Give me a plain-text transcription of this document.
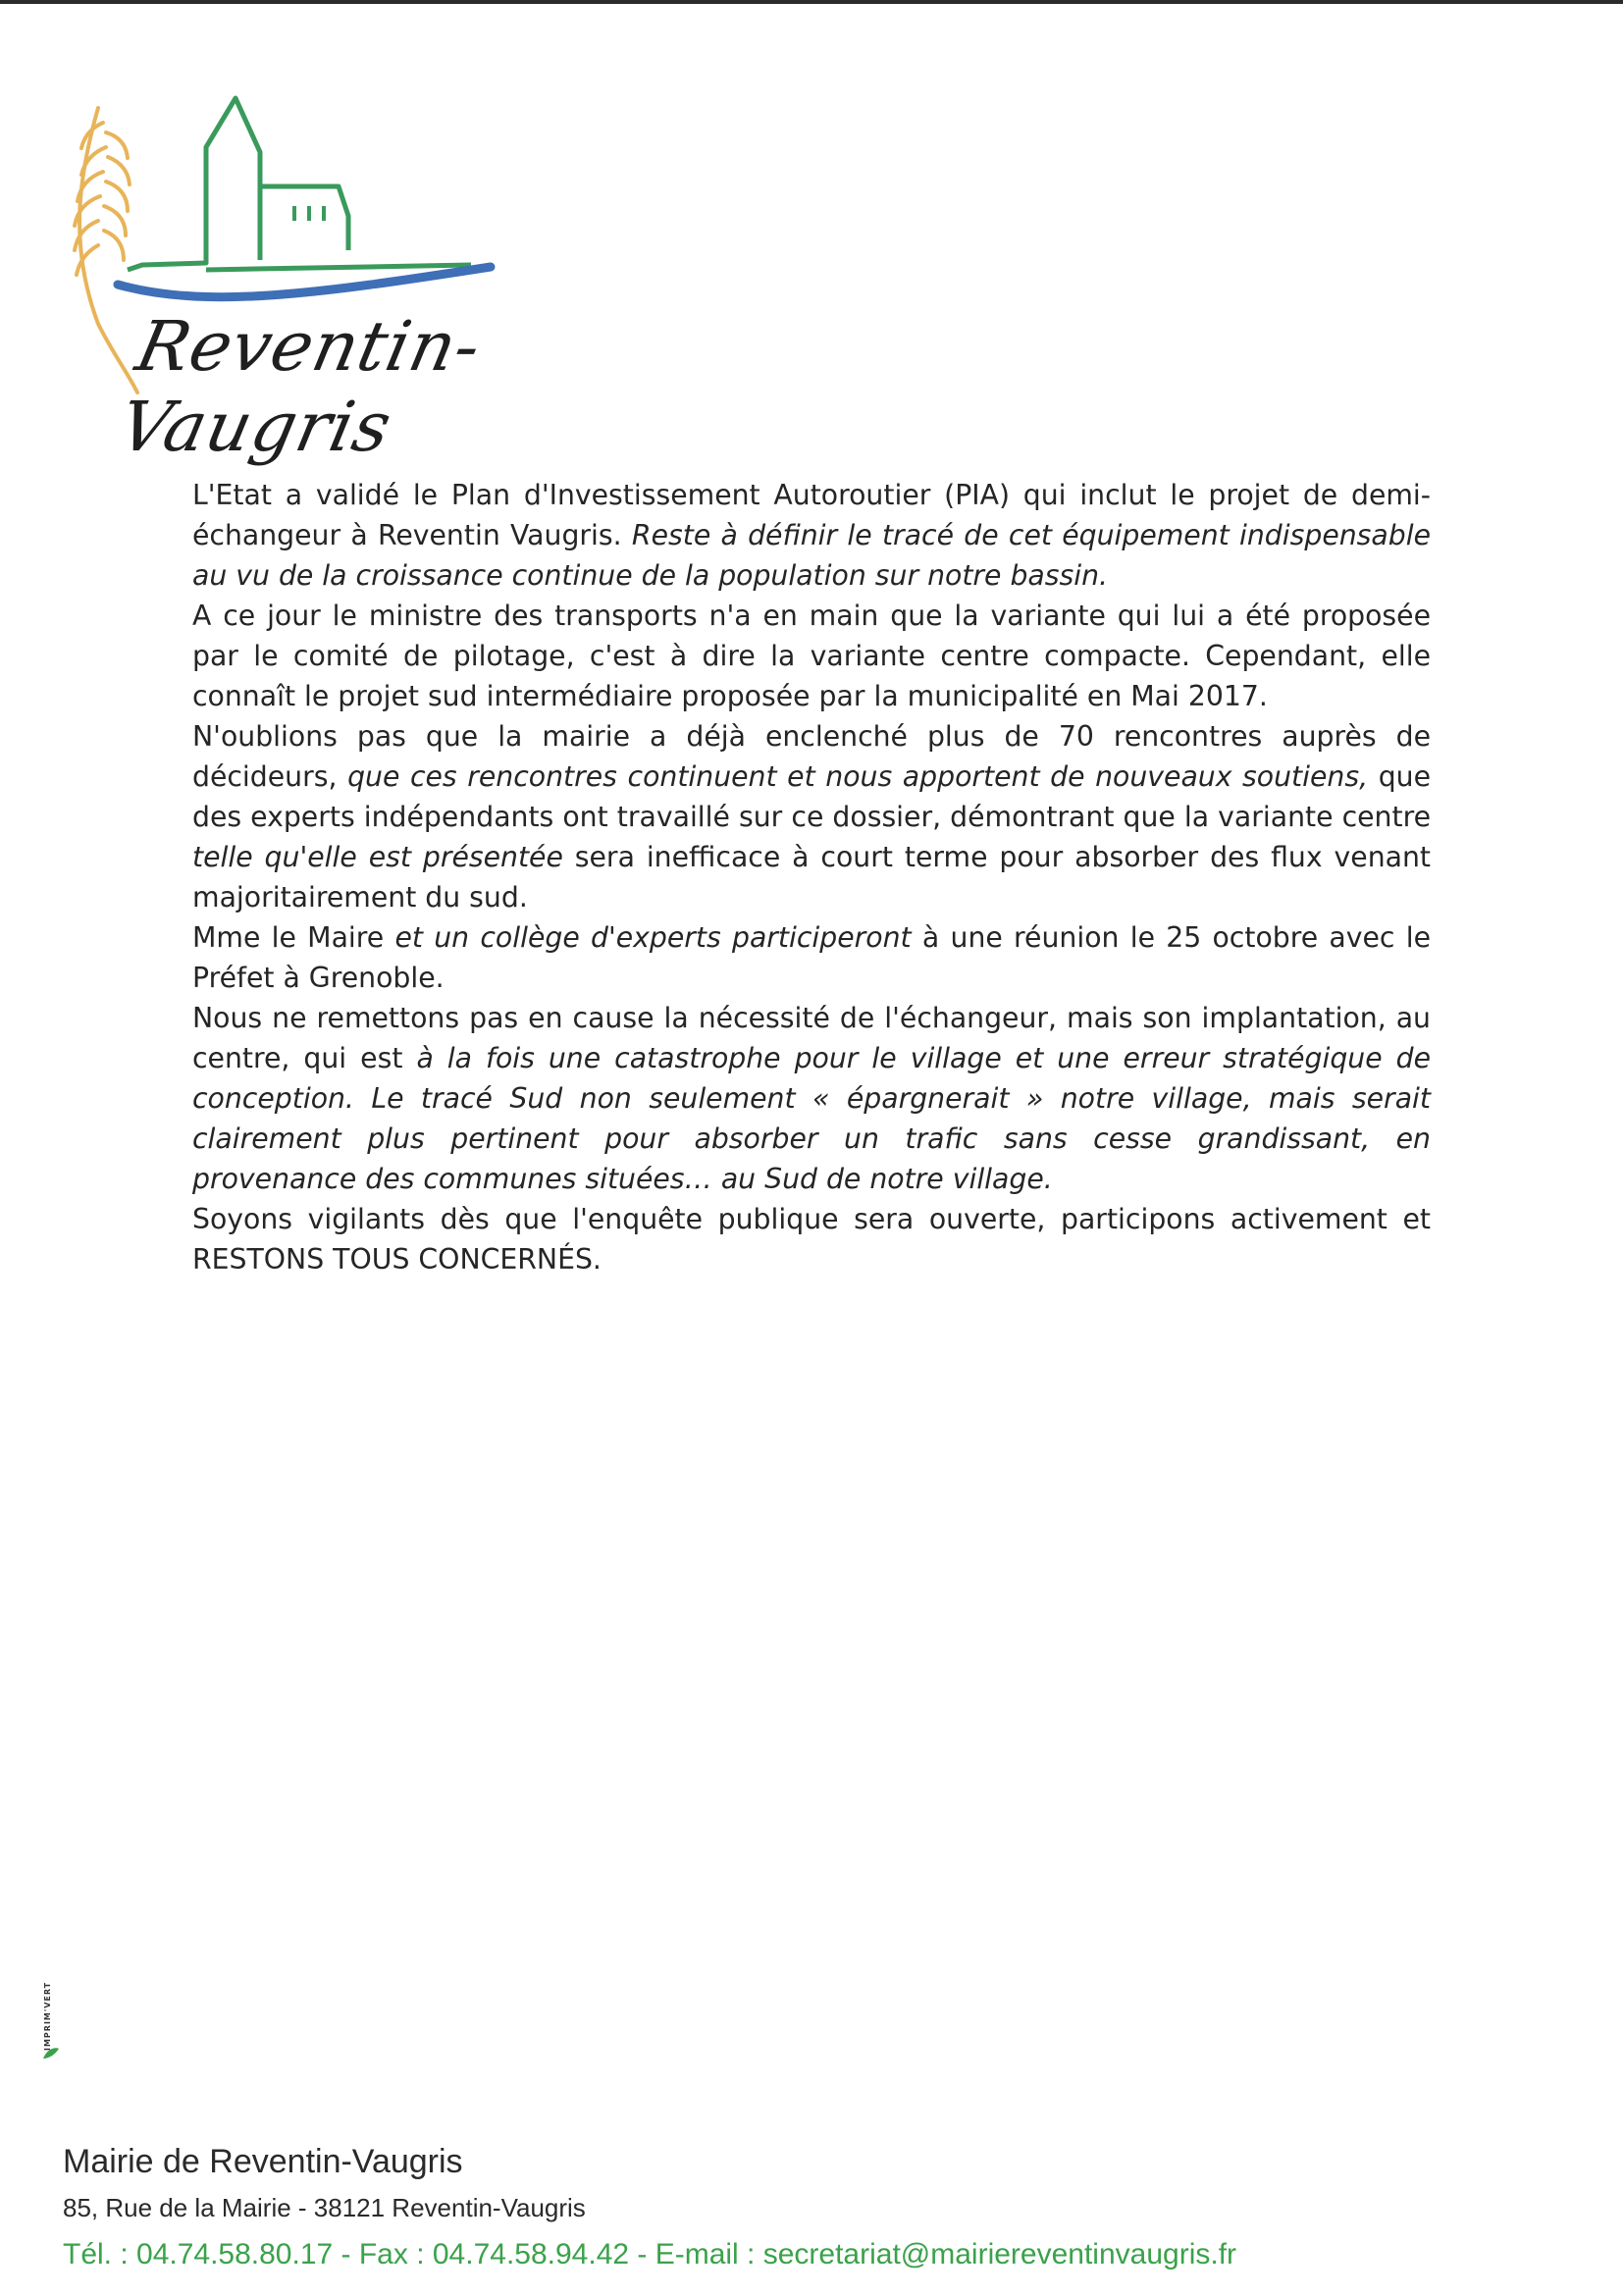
Reventin-Vaugris

L'Etat a validé le Plan d'Investissement Autoroutier (PIA) qui inclut le projet de demi-échangeur à Reventin Vaugris. Reste à définir le tracé de cet équipement indispensable au vu de la croissance continue de la population sur notre bassin.

A ce jour le ministre des transports n'a en main que la variante qui lui a été proposée par le comité de pilotage, c'est à dire la variante centre compacte. Cependant, elle connaît le projet sud intermédiaire proposée par la municipalité en Mai 2017.

N'oublions pas que la mairie a déjà enclenché plus de 70 rencontres auprès de décideurs, que ces rencontres continuent et nous apportent de nouveaux soutiens, que des experts indépendants ont travaillé sur ce dossier, démontrant que la variante centre telle qu'elle est présentée sera inefficace à court terme pour absorber des flux venant majoritairement du sud.

Mme le Maire et un collège d'experts participeront à une réunion le 25 octobre avec le Préfet à Grenoble.

Nous ne remettons pas en cause la nécessité de l'échangeur, mais son implantation, au centre, qui est à la fois une catastrophe pour le village et une erreur stratégique de conception. Le tracé Sud non seulement « épargnerait » notre village, mais serait clairement plus pertinent pour absorber un trafic sans cesse grandissant, en provenance des communes situées… au Sud de notre village.

Soyons vigilants dès que l'enquête publique sera ouverte, participons activement et RESTONS TOUS CONCERNÉS.

IMPRIM'VERT

Mairie de Reventin-Vaugris

85, Rue de la Mairie - 38121 Reventin-Vaugris

Tél. : 04.74.58.80.17 - Fax : 04.74.58.94.42 - E-mail : secretariat@mairiereventinvaugris.fr
